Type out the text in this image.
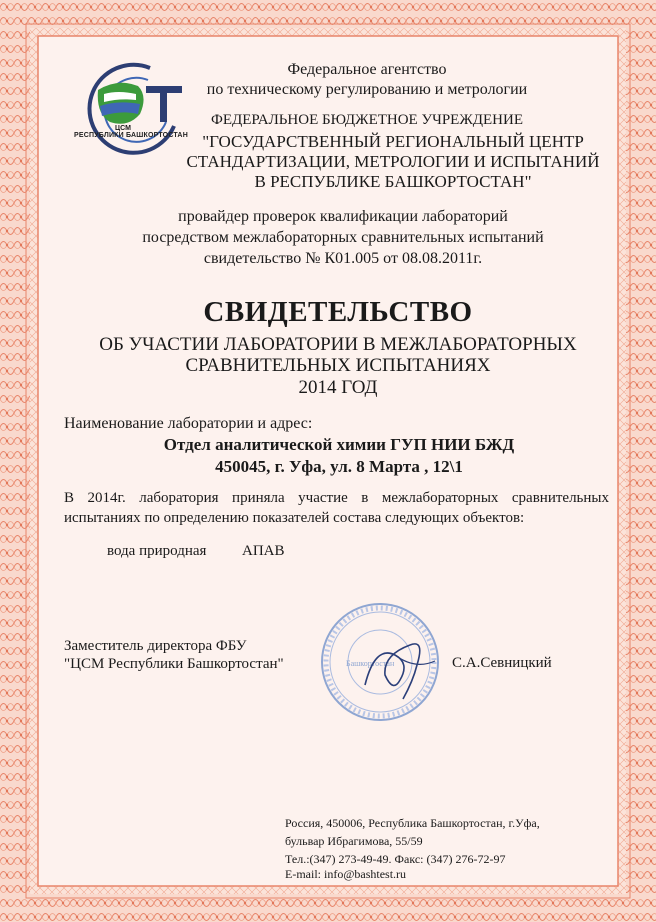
ЦСМ
РЕСПУБЛИКИ БАШКОРТОСТАН
Федеральное агентство
по техническому регулированию и метрологии
ФЕДЕРАЛЬНОЕ БЮДЖЕТНОЕ УЧРЕЖДЕНИЕ
"ГОСУДАРСТВЕННЫЙ РЕГИОНАЛЬНЫЙ ЦЕНТР
СТАНДАРТИЗАЦИИ, МЕТРОЛОГИИ И ИСПЫТАНИЙ
В РЕСПУБЛИКЕ БАШКОРТОСТАН"
провайдер проверок квалификации лабораторий
посредством межлабораторных сравнительных испытаний
свидетельство № К01.005 от 08.08.2011г.
СВИДЕТЕЛЬСТВО
ОБ УЧАСТИИ ЛАБОРАТОРИИ В МЕЖЛАБОРАТОРНЫХ
СРАВНИТЕЛЬНЫХ ИСПЫТАНИЯХ
2014 ГОД
Наименование лаборатории и адрес:
Отдел аналитической химии ГУП НИИ БЖД
450045, г. Уфа, ул. 8 Марта , 12\1
В 2014г. лаборатория приняла участие в межлабораторных сравнительных
испытаниях по определению показателей состава следующих объектов:
вода природная АПАВ
Заместитель директора ФБУ
"ЦСМ Республики Башкортостан"	С.А.Севницкий
Башкортостан
Россия, 450006, Республика Башкортостан, г.Уфа,
бульвар Ибрагимова, 55/59
Тел.:(347) 273-49-49. Факс: (347) 276-72-97
E-mail: info@bashtest.ru
